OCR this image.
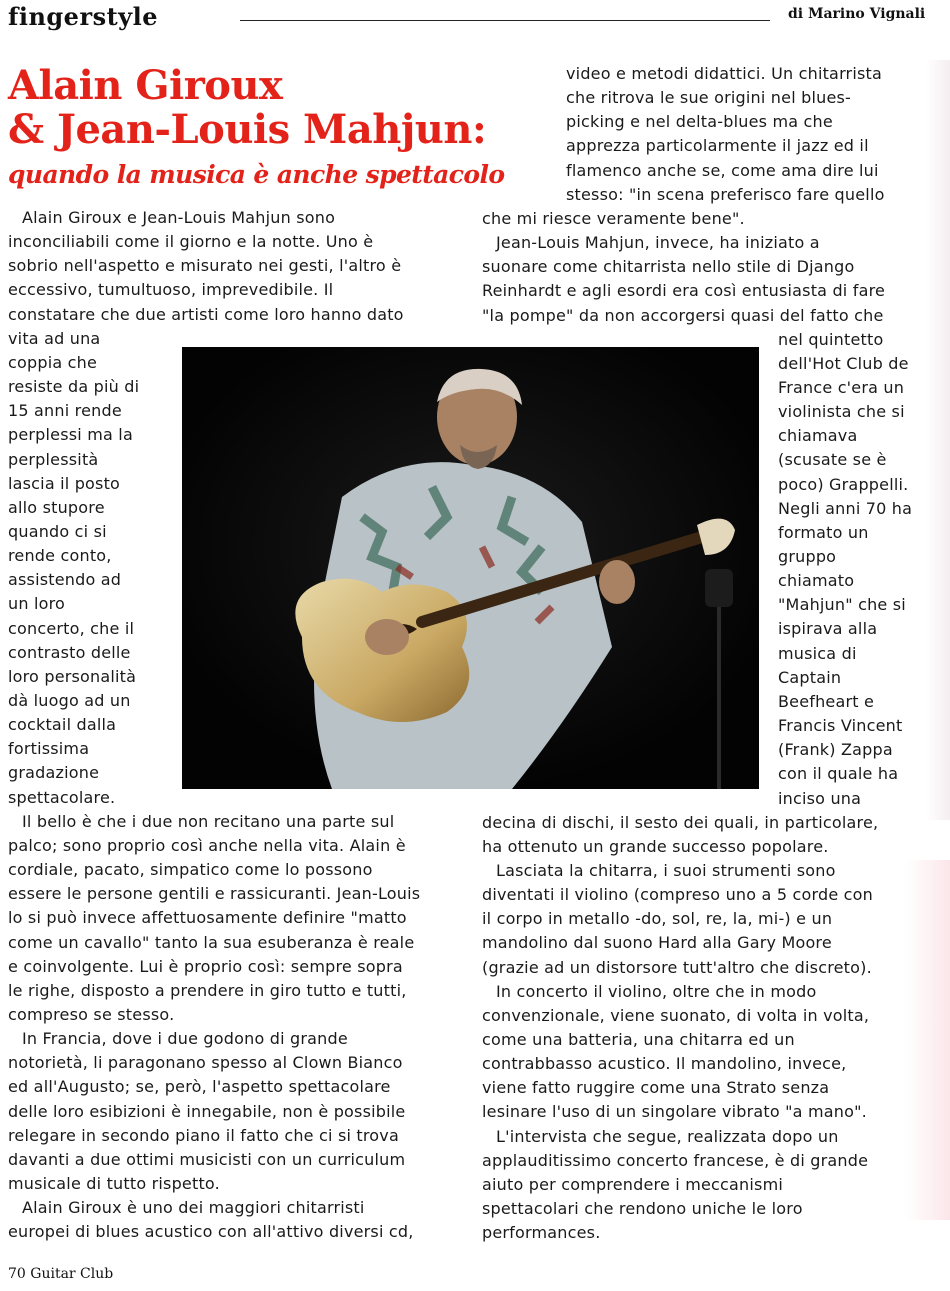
fingerstyle	di Marino Vignali
Alain Giroux
& Jean-Louis Mahjun:
quando la musica è anche spettacolo
Alain Giroux e Jean-Louis Mahjun sono
inconciliabili come il giorno e la notte. Uno è
sobrio nell'aspetto e misurato nei gesti, l'altro è
eccessivo, tumultuoso, imprevedibile. Il
constatare che due artisti come loro hanno dato
vita ad una
coppia che
resiste da più di
15 anni rende
perplessi ma la
perplessità
lascia il posto
allo stupore
quando ci si
rende conto,
assistendo ad
un loro
concerto, che il
contrasto delle
loro personalità
dà luogo ad un
cocktail dalla
fortissima
gradazione
spettacolare.
Il bello è che i due non recitano una parte sul
palco; sono proprio così anche nella vita. Alain è
cordiale, pacato, simpatico come lo possono
essere le persone gentili e rassicuranti. Jean-Louis
lo si può invece affettuosamente definire "matto
come un cavallo" tanto la sua esuberanza è reale
e coinvolgente. Lui è proprio così: sempre sopra
le righe, disposto a prendere in giro tutto e tutti,
compreso se stesso.
In Francia, dove i due godono di grande
notorietà, li paragonano spesso al Clown Bianco
ed all'Augusto; se, però, l'aspetto spettacolare
delle loro esibizioni è innegabile, non è possibile
relegare in secondo piano il fatto che ci si trova
davanti a due ottimi musicisti con un curriculum
musicale di tutto rispetto.
Alain Giroux è uno dei maggiori chitarristi
europei di blues acustico con all'attivo diversi cd,
video e metodi didattici. Un chitarrista
che ritrova le sue origini nel blues-
picking e nel delta-blues ma che
apprezza particolarmente il jazz ed il
flamenco anche se, come ama dire lui
stesso: "in scena preferisco fare quello
che mi riesce veramente bene".
Jean-Louis Mahjun, invece, ha iniziato a
suonare come chitarrista nello stile di Django
Reinhardt e agli esordi era così entusiasta di fare
"la pompe" da non accorgersi quasi del fatto che
nel quintetto
dell'Hot Club de
France c'era un
violinista che si
chiamava
(scusate se è
poco) Grappelli.
Negli anni 70 ha
formato un
gruppo
chiamato
"Mahjun" che si
ispirava alla
musica di
Captain
Beefheart e
Francis Vincent
(Frank) Zappa
con il quale ha
inciso una
decina di dischi, il sesto dei quali, in particolare,
ha ottenuto un grande successo popolare.
Lasciata la chitarra, i suoi strumenti sono
diventati il violino (compreso uno a 5 corde con
il corpo in metallo -do, sol, re, la, mi-) e un
mandolino dal suono Hard alla Gary Moore
(grazie ad un distorsore tutt'altro che discreto).
In concerto il violino, oltre che in modo
convenzionale, viene suonato, di volta in volta,
come una batteria, una chitarra ed un
contrabbasso acustico. Il mandolino, invece,
viene fatto ruggire come una Strato senza
lesinare l'uso di un singolare vibrato "a mano".
L'intervista che segue, realizzata dopo un
applauditissimo concerto francese, è di grande
aiuto per comprendere i meccanismi
spettacolari che rendono uniche le loro
performances.
70 Guitar Club
